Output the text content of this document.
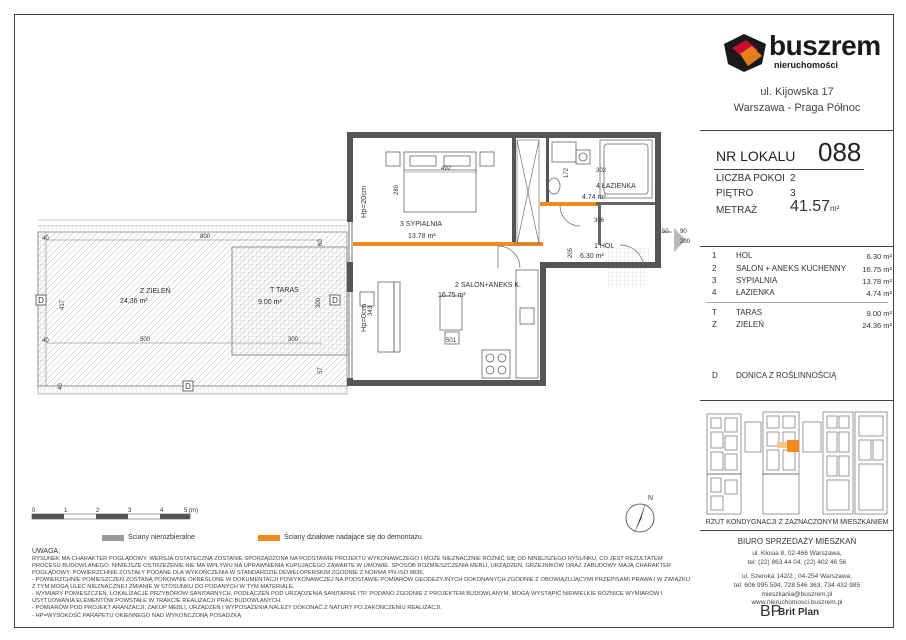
D
D
D
3 SYPIALNIA
13.78 m²
4 ŁAZIENKA
4.74 m²
1 HOL
6.30 m²
2 SALON+ANEKS K.
16.75 m²
T TARAS
9.00 m²
Z ZIELEŃ
24.36 m²
Hp=20cm
Hp=0cm
492
280
302
172
306
205
343
501
800
500	300
300
417
40
40
40
60
57
50 90
200
0	1	2	3	4	5 (m)
N
buszrem
nieruchomości
ul. Kijowska 17
Warszawa - Praga Północ
NR LOKALU 088
LICZBA POKOI 2
PIĘTRO	3
METRAŻ 41.57m²
1 HOL	6.30 m²
2 SALON + ANEKS KUCHENNY 16.75 m²
3 SYPIALNIA	13.78 m²
4 ŁAZIENKA	4.74 m²
T TARAS	9.00 m²
Z ZIELEŃ	24.36 m²
D DONICA Z ROŚLINNOŚCIĄ
RZUT KONDYGNACJI Z ZAZNACZONYM MIESZKANIEM
BIURO SPRZEDAŻY MIESZKAŃ
ul. Kłosia 8, 02-466 Warszawa,
tel: (22) 863 44 04, (22) 402 46 56
ul. Szeroka 142/2 , 04-254 Warszawa,
tel: 606 995 594, 728 546 363, 734 432 985
mieszkania@buszrem.pl
www.nieruchomosci.buszrem.pl
BP
Brit Plan
Ściany nierozbieralne	Ściany działowe nadające się do demontażu
UWAGA:
RYSUNEK MA CHARAKTER POGLĄDOWY. WERSJA OSTATECZNA ZOSTANIE SPORZĄDZONA NA PODSTAWIE PROJEKTU WYKONAWCZEGO I MOŻE NIEZNACZNIE RÓŻNIĆ SIĘ OD NINIEJSZEGO RYSUNKU, CO JEST REZULTATEM PROCESU BUDOWLANEGO. NINIEJSZE OSTRZEŻENIE NIE MA WPŁYWU NA UPRAWNIENIA KUPUJĄCEGO ZAWARTE W UMOWIE. SPOSÓB ROZMIESZCZENIA MEBLI, URZĄDZEŃ, GRZEJNIKÓW ORAZ ZABUDOWY MAJĄ CHARAKTER POGLĄDOWY. POWIERZCHNIE ZOSTAŁY PODANE DLA WYKOŃCZENIA W STANDARDZIE DEWELOPERSKIM ZGODNIE Z NORMĄ PN-ISO 9836.
- POWIERZCHNIE POMIESZCZEŃ ZOSTANĄ PONOWNIE OKREŚLONE W DOKUMENTACJI POWYKONAWCZEJ NA PODSTAWIE POMIARÓW GEODEZYJNYCH DOKONANYCH ZGODNIE Z OBOWIĄZUJĄCYMI PRZEPISAMI PRAWA I W ZWIĄZKU Z TYM MOGĄ ULEC NIEZNACZNEJ ZMIANIE W STOSUNKU DO PODANYCH W TYM MATERIALE.
- WYMIARY POMIESZCZEŃ, LOKALIZACJE PRZYBORÓW SANITARNYCH, PODŁĄCZEŃ POD URZĄDZENIA SANITARNE ITP. PODANO ZGODNIE Z PROJEKTEM BUDOWLANYM, MOGĄ WYSTĄPIĆ NIEWIELKIE RÓŻNICE WYMIARÓW I USYTUOWANIA ELEMENTÓW POWSTAŁE W TRAKCIE REALIZACJI PRAC BUDOWLANYCH.
- POMIARÓW POD PROJEKT ARANŻACJI, ZAKUP MEBLI, URZĄDZEŃ I WYPOSAŻENIA NALEŻY DOKONAĆ Z NATURY PO ZAKOŃCZENIU REALIZACJI.
- HP=WYSOKOŚĆ PARAPETU OKIENNEGO NAD WYKOŃCZONĄ POSADZKĄ
